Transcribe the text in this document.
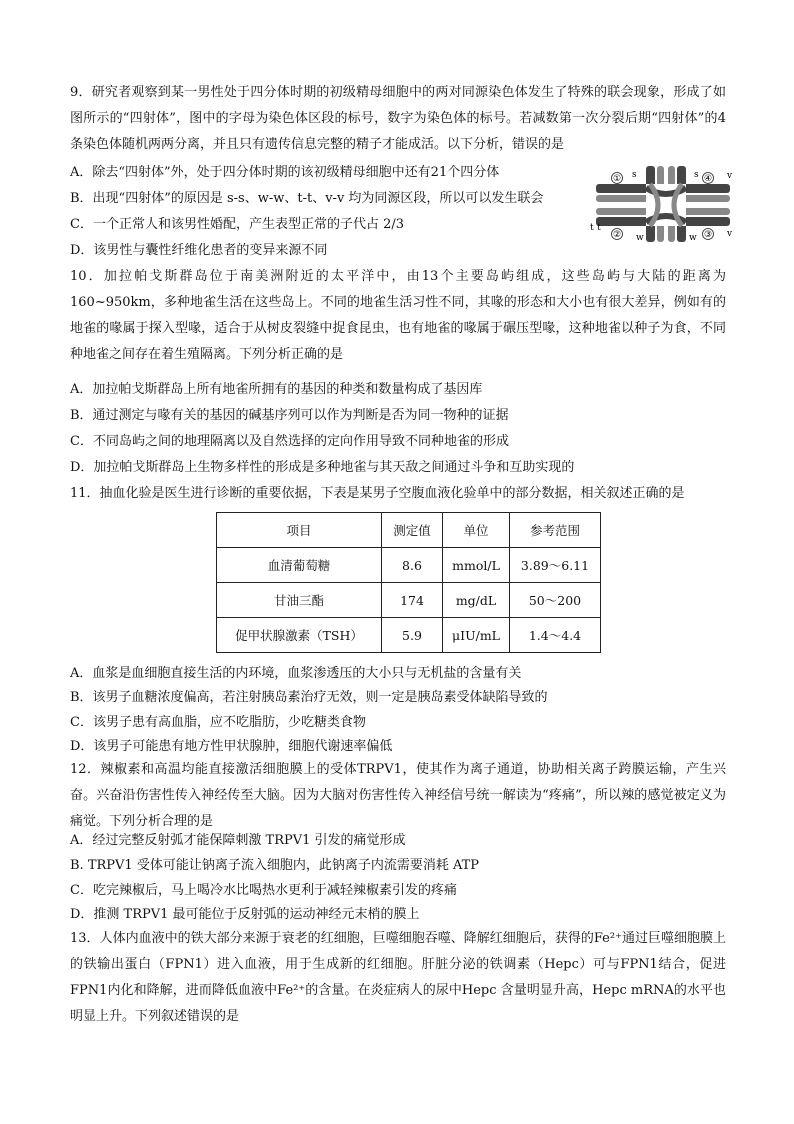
9．研究者观察到某一男性处于四分体时期的初级精母细胞中的两对同源染色体发生了特殊的联会现象，形成了如图所示的“四射体”，图中的字母为染色体区段的标号，数字为染色体的标号。若减数第一次分裂后期“四射体”的4条染色体随机两两分离，并且只有遗传信息完整的精子才能成活。以下分析，错误的是

A．除去“四射体”外，处于四分体时期的该初级精母细胞中还有21个四分体

B．出现“四射体”的原因是 s-s、w-w、t-t、v-v 均为同源区段，所以可以发生联会

C．一个正常人和该男性婚配，产生表型正常的子代占 2/3

D．该男性与囊性纤维化患者的变异来源不同

s	s
①	④ v
t
②	③ v
t
w	w

10．加拉帕戈斯群岛位于南美洲附近的太平洋中，由13个主要岛屿组成，这些岛屿与大陆的距离为160~950km，多种地雀生活在这些岛上。不同的地雀生活习性不同，其喙的形态和大小也有很大差异，例如有的地雀的喙属于探入型喙，适合于从树皮裂缝中捉食昆虫，也有地雀的喙属于碾压型喙，这种地雀以种子为食，不同种地雀之间存在着生殖隔离。下列分析正确的是

A．加拉帕戈斯群岛上所有地雀所拥有的基因的种类和数量构成了基因库

B．通过测定与喙有关的基因的碱基序列可以作为判断是否为同一物种的证据

C．不同岛屿之间的地理隔离以及自然选择的定向作用导致不同种地雀的形成

D．加拉帕戈斯群岛上生物多样性的形成是多种地雀与其天敌之间通过斗争和互助实现的

11．抽血化验是医生进行诊断的重要依据，下表是某男子空腹血液化验单中的部分数据，相关叙述正确的是

项目	测定值	单位	参考范围
血清葡萄糖	8.6	mmol/L	3.89～6.11
甘油三酯	174	mg/dL	50～200
促甲状腺激素（TSH）	5.9	μIU/mL	1.4～4.4

A．血浆是血细胞直接生活的内环境，血浆渗透压的大小只与无机盐的含量有关

B．该男子血糖浓度偏高，若注射胰岛素治疗无效，则一定是胰岛素受体缺陷导致的

C．该男子患有高血脂，应不吃脂肪，少吃糖类食物

D．该男子可能患有地方性甲状腺肿，细胞代谢速率偏低

12．辣椒素和高温均能直接激活细胞膜上的受体TRPV1，使其作为离子通道，协助相关离子跨膜运输，产生兴奋。兴奋沿伤害性传入神经传至大脑。因为大脑对伤害性传入神经信号统一解读为“疼痛”，所以辣的感觉被定义为痛觉。下列分析合理的是

A．经过完整反射弧才能保障刺激 TRPV1 引发的痛觉形成

B. TRPV1 受体可能让钠离子流入细胞内，此钠离子内流需要消耗 ATP

C．吃完辣椒后，马上喝冷水比喝热水更利于减轻辣椒素引发的疼痛

D．推测 TRPV1 最可能位于反射弧的运动神经元末梢的膜上

13．人体内血液中的铁大部分来源于衰老的红细胞，巨噬细胞吞噬、降解红细胞后，获得的Fe²⁺通过巨噬细胞膜上的铁输出蛋白（FPN1）进入血液，用于生成新的红细胞。肝脏分泌的铁调素（Hepc）可与FPN1结合，促进FPN1内化和降解，进而降低血液中Fe²⁺的含量。在炎症病人的尿中Hepc 含量明显升高，Hepc mRNA的水平也明显上升。下列叙述错误的是
